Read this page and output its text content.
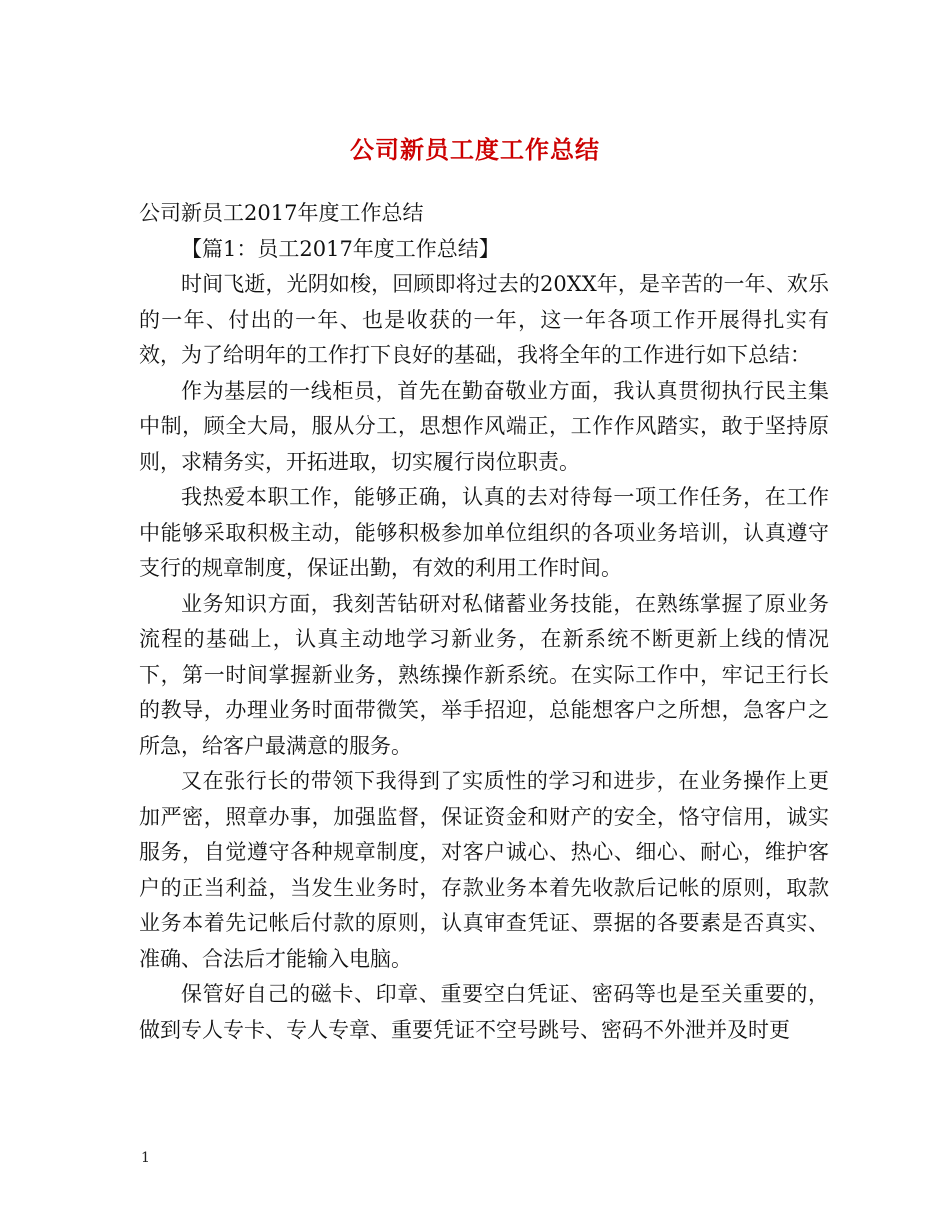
公司新员工度工作总结

公司新员工2017年度工作总结

【篇1：员工2017年度工作总结】

时间飞逝，光阴如梭，回顾即将过去的20XX年，是辛苦的一年、欢乐的一年、付出的一年、也是收获的一年，这一年各项工作开展得扎实有效，为了给明年的工作打下良好的基础，我将全年的工作进行如下总结：

作为基层的一线柜员，首先在勤奋敬业方面，我认真贯彻执行民主集中制，顾全大局，服从分工，思想作风端正，工作作风踏实，敢于坚持原则，求精务实，开拓进取，切实履行岗位职责。

我热爱本职工作，能够正确，认真的去对待每一项工作任务，在工作中能够采取积极主动，能够积极参加单位组织的各项业务培训，认真遵守支行的规章制度，保证出勤，有效的利用工作时间。

业务知识方面，我刻苦钻研对私储蓄业务技能，在熟练掌握了原业务流程的基础上，认真主动地学习新业务，在新系统不断更新上线的情况下，第一时间掌握新业务，熟练操作新系统。在实际工作中，牢记王行长的教导，办理业务时面带微笑，举手招迎，总能想客户之所想，急客户之所急，给客户最满意的服务。

又在张行长的带领下我得到了实质性的学习和进步，在业务操作上更加严密，照章办事，加强监督，保证资金和财产的安全，恪守信用，诚实服务，自觉遵守各种规章制度，对客户诚心、热心、细心、耐心，维护客户的正当利益，当发生业务时，存款业务本着先收款后记帐的原则，取款业务本着先记帐后付款的原则，认真审查凭证、票据的各要素是否真实、准确、合法后才能输入电脑。

保管好自己的磁卡、印章、重要空白凭证、密码等也是至关重要的，做到专人专卡、专人专章、重要凭证不空号跳号、密码不外泄并及时更

1
